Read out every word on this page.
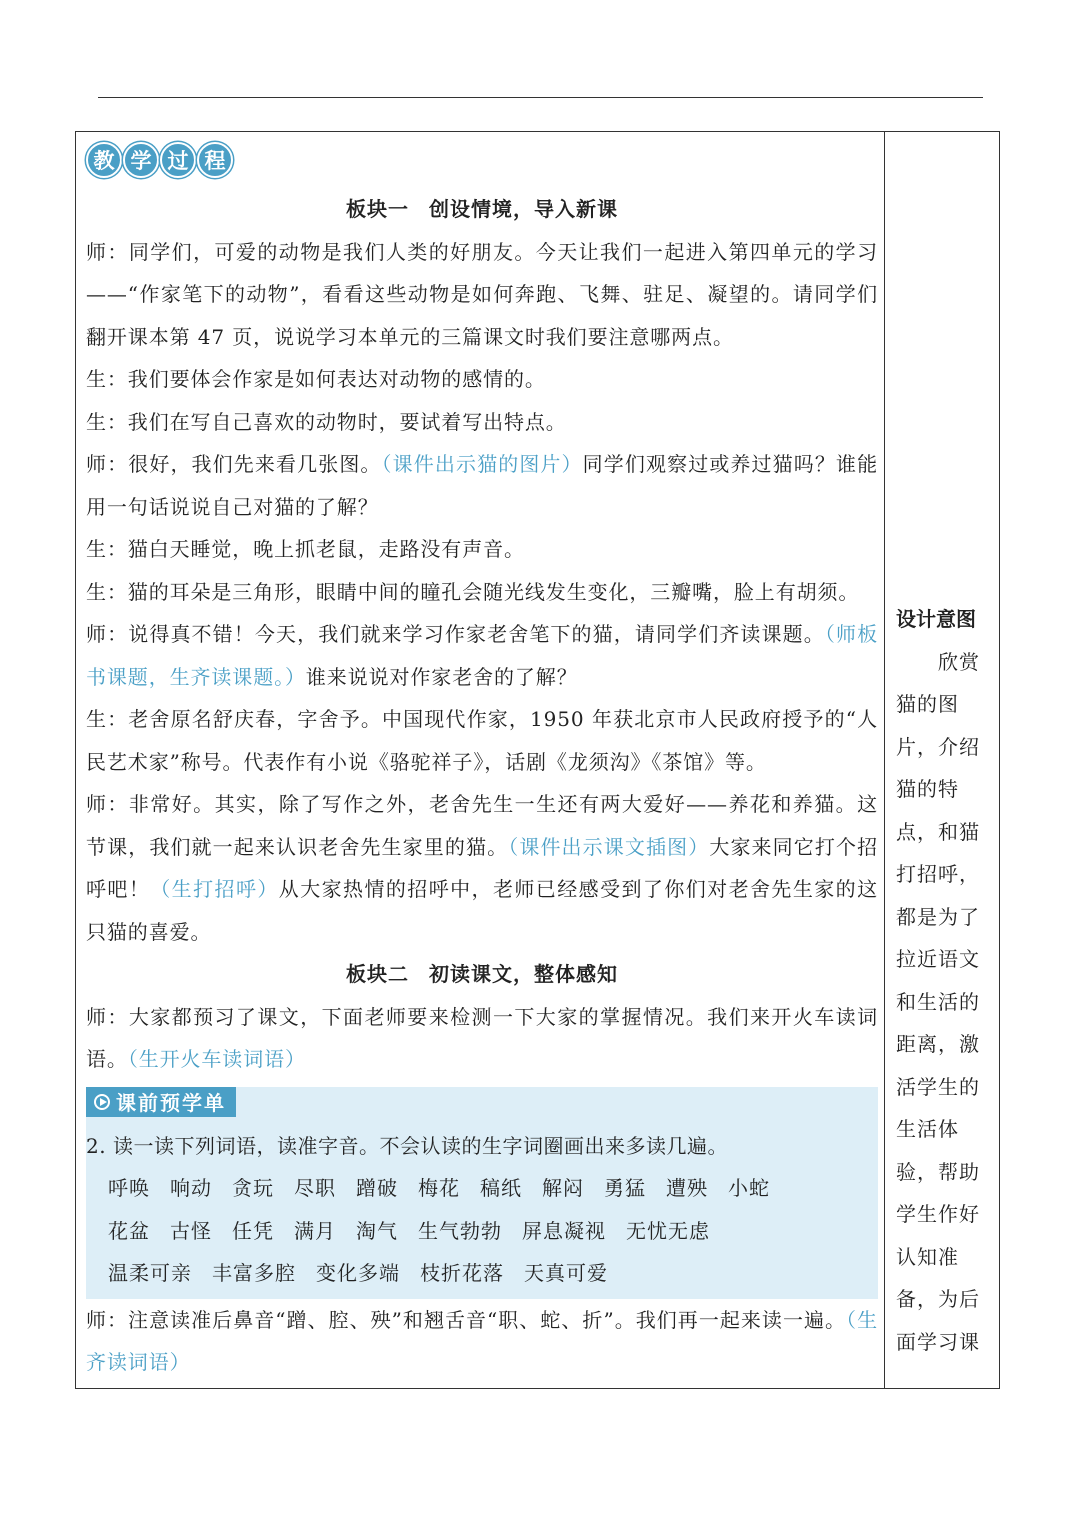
教 学 过 程
板块一 创设情境，导入新课
师：同学们，可爱的动物是我们人类的好朋友。今天让我们一起进入第四单元的学习——“作家笔下的动物”，看看这些动物是如何奔跑、飞舞、驻足、凝望的。请同学们翻开课本第 47 页，说说学习本单元的三篇课文时我们要注意哪两点。
生：我们要体会作家是如何表达对动物的感情的。
生：我们在写自己喜欢的动物时，要试着写出特点。
师：很好，我们先来看几张图。（课件出示猫的图片）同学们观察过或养过猫吗？谁能用一句话说说自己对猫的了解？
生：猫白天睡觉，晚上抓老鼠，走路没有声音。
生：猫的耳朵是三角形，眼睛中间的瞳孔会随光线发生变化，三瓣嘴，脸上有胡须。
师：说得真不错！今天，我们就来学习作家老舍笔下的猫，请同学们齐读课题。（师板书课题，生齐读课题。）谁来说说对作家老舍的了解？
生：老舍原名舒庆春，字舍予。中国现代作家，1950 年获北京市人民政府授予的“人民艺术家”称号。代表作有小说《骆驼祥子》，话剧《龙须沟》《茶馆》等。
师：非常好。其实，除了写作之外，老舍先生一生还有两大爱好——养花和养猫。这节课，我们就一起来认识老舍先生家里的猫。（课件出示课文插图）大家来同它打个招呼吧！（生打招呼）从大家热情的招呼中，老师已经感受到了你们对老舍先生家的这只猫的喜爱。
板块二 初读课文，整体感知
师：大家都预习了课文，下面老师要来检测一下大家的掌握情况。我们来开火车读词语。（生开火车读词语）
课前预学单
2. 读一读下列词语，读准字音。不会认读的生字词圈画出来多读几遍。
呼唤 响动 贪玩 尽职 蹭破 梅花 稿纸 解闷 勇猛 遭殃 小蛇
花盆 古怪 任凭 满月 淘气 生气勃勃 屏息凝视 无忧无虑
温柔可亲 丰富多腔 变化多端 枝折花落 天真可爱
师：注意读准后鼻音“蹭、腔、殃”和翘舌音“职、蛇、折”。我们再一起来读一遍。（生齐读词语）
设计意图
欣赏猫的图片，介绍猫的特点，和猫打招呼，都是为了拉近语文和生活的距离，激活学生的生活体验，帮助学生作好认知准备，为后面学习课
